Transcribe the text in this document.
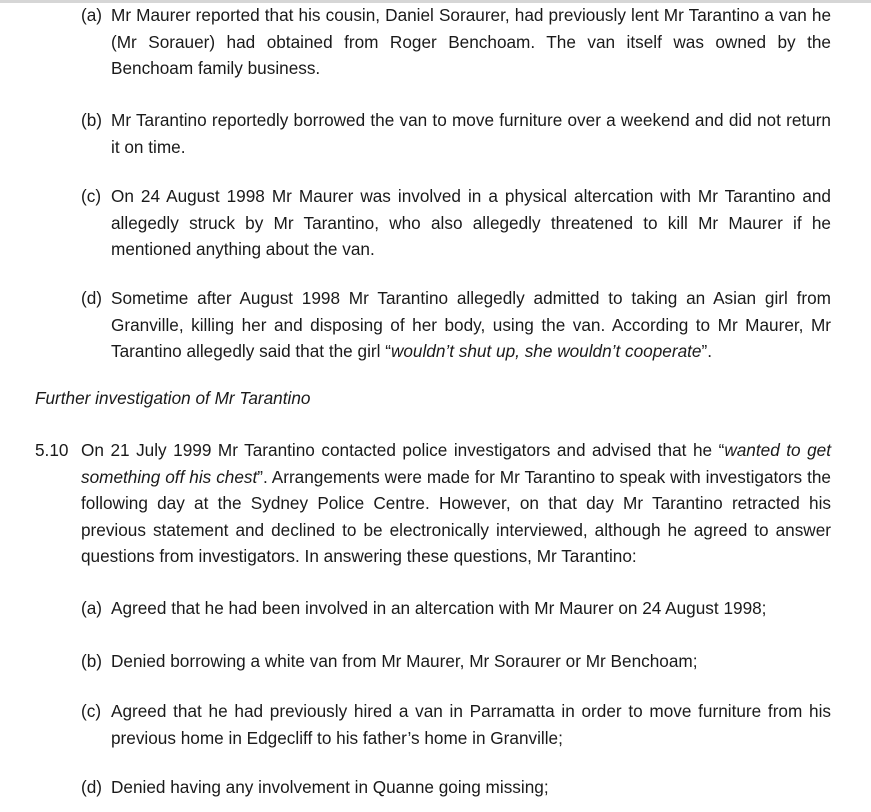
(a) Mr Maurer reported that his cousin, Daniel Soraurer, had previously lent Mr Tarantino a van he (Mr Sorauer) had obtained from Roger Benchoam. The van itself was owned by the Benchoam family business.
(b) Mr Tarantino reportedly borrowed the van to move furniture over a weekend and did not return it on time.
(c) On 24 August 1998 Mr Maurer was involved in a physical altercation with Mr Tarantino and allegedly struck by Mr Tarantino, who also allegedly threatened to kill Mr Maurer if he mentioned anything about the van.
(d) Sometime after August 1998 Mr Tarantino allegedly admitted to taking an Asian girl from Granville, killing her and disposing of her body, using the van. According to Mr Maurer, Mr Tarantino allegedly said that the girl “wouldn’t shut up, she wouldn’t cooperate”.
Further investigation of Mr Tarantino
5.10 On 21 July 1999 Mr Tarantino contacted police investigators and advised that he “wanted to get something off his chest”. Arrangements were made for Mr Tarantino to speak with investigators the following day at the Sydney Police Centre. However, on that day Mr Tarantino retracted his previous statement and declined to be electronically interviewed, although he agreed to answer questions from investigators. In answering these questions, Mr Tarantino:
(a) Agreed that he had been involved in an altercation with Mr Maurer on 24 August 1998;
(b) Denied borrowing a white van from Mr Maurer, Mr Soraurer or Mr Benchoam;
(c) Agreed that he had previously hired a van in Parramatta in order to move furniture from his previous home in Edgecliff to his father’s home in Granville;
(d) Denied having any involvement in Quanne going missing;
